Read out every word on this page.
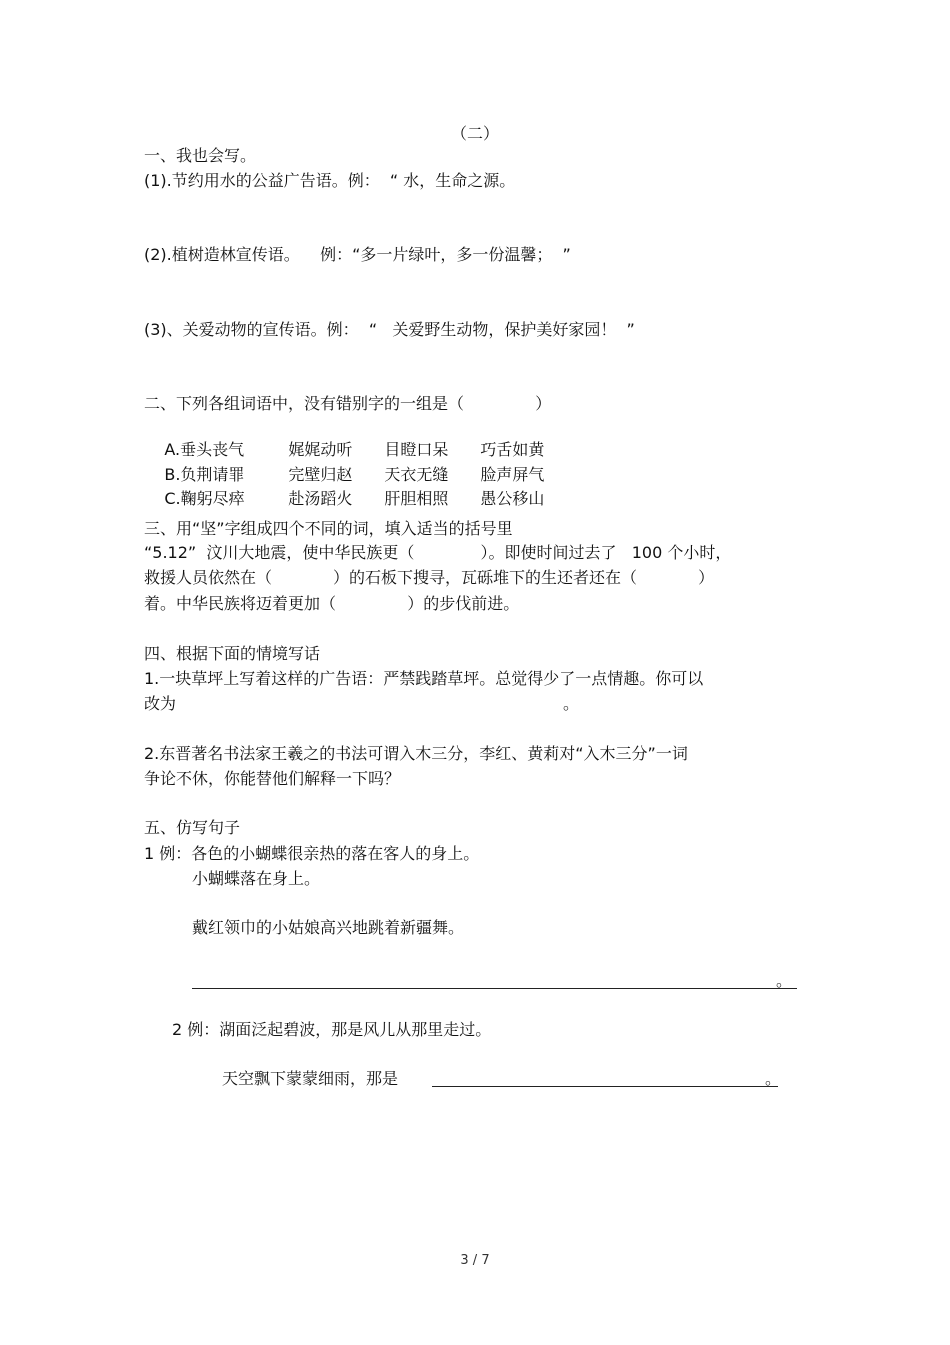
（二）
一、我也会写。
(1).节约用水的公益广告语。例：  “ 水，生命之源。
(2).植树造林宣传语。    例：“多一片绿叶，多一份温馨；  ”
(3)、关爱动物的宣传语。例：  “   关爱野生动物，保护美好家园！  ”
二、下列各组词语中，没有错别字的一组是（              ）

A.垂头丧气	娓娓动听 目瞪口呆 巧舌如黄

B.负荆请罪	完壁归赵 天衣无缝 脸声屏气

C.鞠躬尽瘁	赴汤蹈火 肝胆相照 愚公移山

三、用“坚”字组成四个不同的词，填入适当的括号里
“5.12”  汶川大地震，使中华民族更（             ）。即使时间过去了   100 个小时，
救援人员依然在（            ）的石板下搜寻，瓦砾堆下的生还者还在（            ）
着。中华民族将迈着更加（              ）的步伐前进。
四、根据下面的情境写话
1.一块草坪上写着这样的广告语：严禁践踏草坪。总觉得少了一点情趣。你可以
改为	。
2.东晋著名书法家王羲之的书法可谓入木三分，李红、黄莉对“入木三分”一词
争论不休，你能替他们解释一下吗？
五、仿写句子
1 例：各色的小蝴蝶很亲热的落在客人的身上。
小蝴蝶落在身上。
戴红领巾的小姑娘高兴地跳着新疆舞。
。
2 例：湖面泛起碧波，那是风儿从那里走过。
天空飘下蒙蒙细雨，那是	。
3 / 7
